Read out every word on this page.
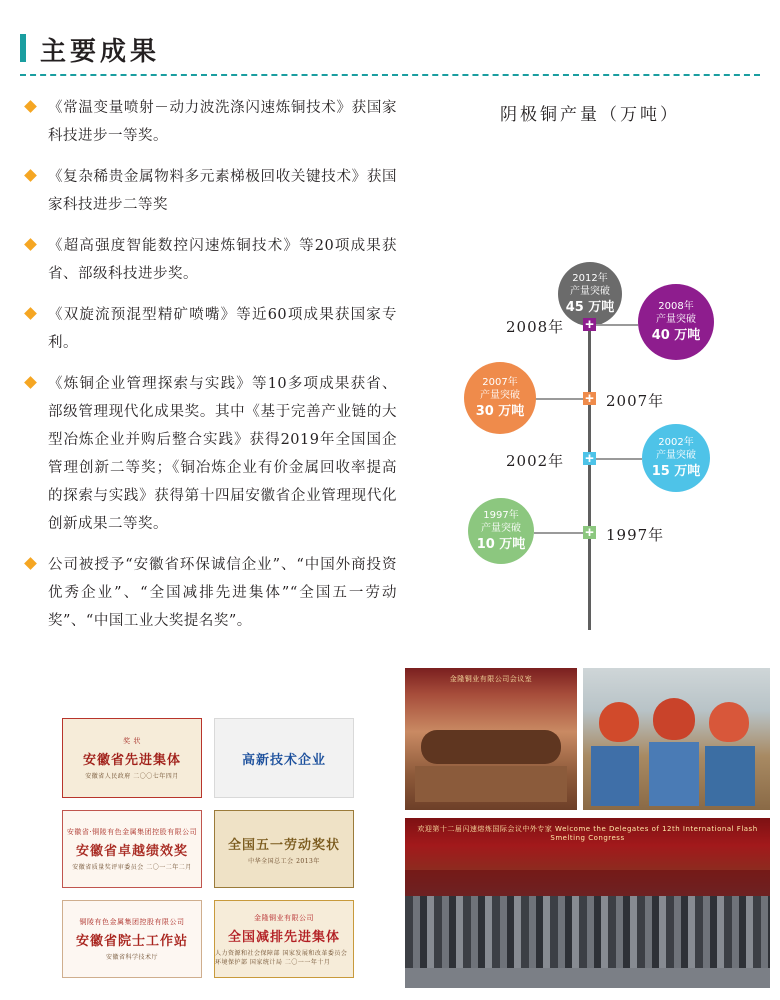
主要成果
《常温变量喷射－动力波洗涤闪速炼铜技术》获国家科技进步一等奖。
《复杂稀贵金属物料多元素梯极回收关键技术》获国家科技进步二等奖
《超高强度智能数控闪速炼铜技术》等20项成果获省、部级科技进步奖。
《双旋流预混型精矿喷嘴》等近60项成果获国家专利。
《炼铜企业管理探索与实践》等10多项成果获省、部级管理现代化成果奖。其中《基于完善产业链的大型冶炼企业并购后整合实践》获得2019年全国国企管理创新二等奖；《铜冶炼企业有价金属回收率提高的探索与实践》获得第十四届安徽省企业管理现代化创新成果二等奖。
公司被授予“安徽省环保诚信企业”、“中国外商投资优秀企业”、“全国减排先进集体”“全国五一劳动奖”、“中国工业大奖提名奖”。
阴极铜产量（万吨）
2012年
产量突破
45 万吨
+
2008年
2008年
产量突破
40 万吨
+ 2007年
2007年
产量突破
30 万吨
+
2002年
2002年
产量突破
15 万吨
+ 1997年
1997年
产量突破
10 万吨
奖 状
安徽省先进集体
安徽省人民政府 二〇〇七年四月
高新技术企业
安徽省·铜陵有色金属集团控股有限公司
安徽省卓越绩效奖
安徽省质量奖评审委员会 二〇一二年二月
全国五一劳动奖状
中华全国总工会 2013年
铜陵有色金属集团控股有限公司
安徽省院士工作站
安徽省科学技术厅
金隆铜业有限公司
全国减排先进集体
人力资源和社会保障部 国家发展和改革委员会 环境保护部 国家统计局 二〇一一年十月
金隆铜业有限公司会议室
欢迎第十二届闪速熔炼国际会议中外专家 Welcome the Delegates of 12th International Flash Smelting Congress
